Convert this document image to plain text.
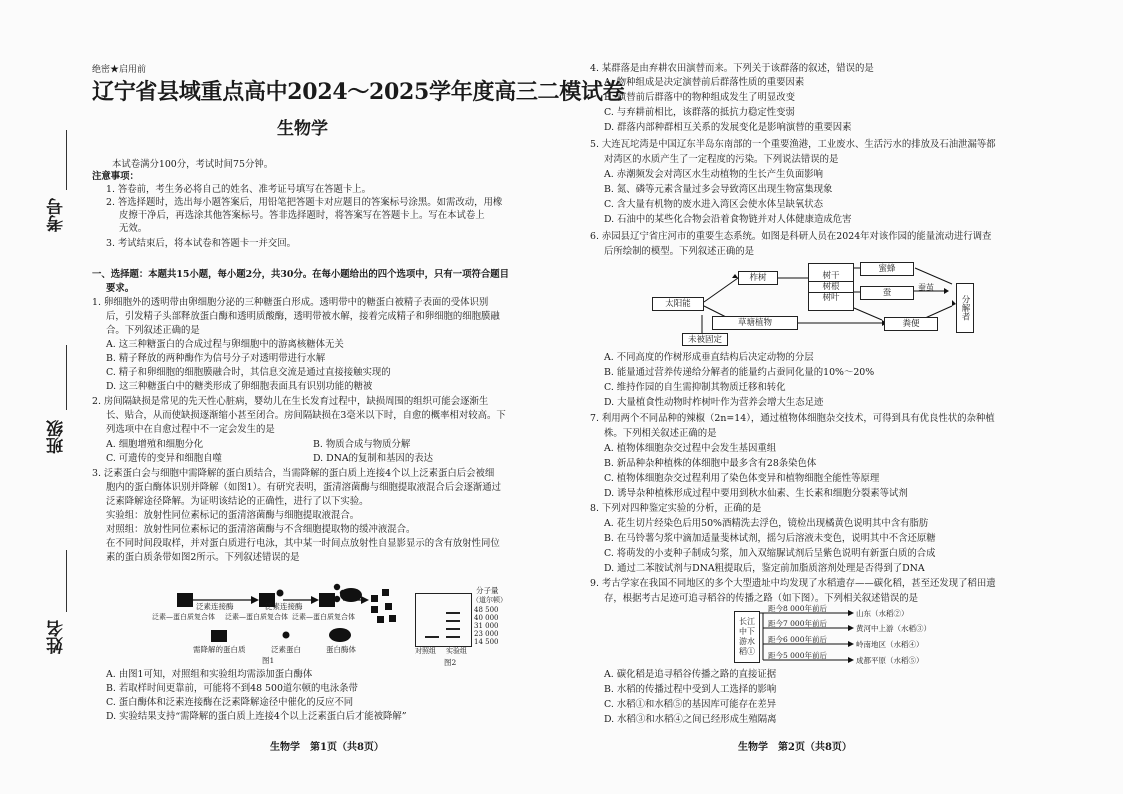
考号
班级
姓名
绝密★启用前
辽宁省县域重点高中2024～2025学年度高三二模试卷
生物学
本试卷满分100分，考试时间75分钟。
注意事项：
1. 答卷前，考生务必将自己的姓名、准考证号填写在答题卡上。
2. 答选择题时，选出每小题答案后，用铅笔把答题卡对应题目的答案标号涂黑。如需改动，用橡
皮擦干净后，再选涂其他答案标号。答非选择题时，将答案写在答题卡上。写在本试卷上
无效。
3. 考试结束后，将本试卷和答题卡一并交回。
一、选择题：本题共15小题，每小题2分，共30分。在每小题给出的四个选项中，只有一项符合题目
要求。
1. 卵细胞外的透明带由卵细胞分泌的三种糖蛋白形成。透明带中的糖蛋白被精子表面的受体识别
后，引发精子头部释放蛋白酶和透明质酸酶，透明带被水解，接着完成精子和卵细胞的细胞膜融
合。下列叙述正确的是
A. 这三种糖蛋白的合成过程与卵细胞中的游离核糖体无关
B. 精子释放的两种酶作为信号分子对透明带进行水解
C. 精子和卵细胞的细胞膜融合时，其信息交流是通过直接接触实现的
D. 这三种糖蛋白中的糖类形成了卵细胞表面具有识别功能的糖被
2. 房间隔缺损是常见的先天性心脏病，婴幼儿在生长发育过程中，缺损周围的组织可能会逐渐生
长、贴合，从而使缺损逐渐缩小甚至闭合。房间隔缺损在3毫米以下时，自愈的概率相对较高。下
列选项中在自愈过程中不一定会发生的是
A. 细胞增殖和细胞分化	B. 物质合成与物质分解
C. 可遗传的变异和细胞自噬	D. DNA的复制和基因的表达
3. 泛素蛋白会与细胞中需降解的蛋白质结合，当需降解的蛋白质上连接4个以上泛素蛋白后会被细
胞内的蛋白酶体识别并降解（如图1）。有研究表明，蛋清溶菌酶与细胞提取液混合后会逐渐通过
泛素降解途径降解。为证明该结论的正确性，进行了以下实验。
实验组：放射性同位素标记的蛋清溶菌酶与细胞提取液混合。
对照组：放射性同位素标记的蛋清溶菌酶与不含细胞提取物的缓冲液混合。
在不同时间段取样，并对蛋白质进行电泳，其中某一时间点放射性自显影显示的含有放射性同位
素的蛋白质条带如图2所示。下列叙述错误的是
泛素连接酶	泛素连接酶
泛素—蛋白质复合体 泛素—蛋白质复合体 泛素—蛋白质复合体
需降解的蛋白质	泛素蛋白	蛋白酶体
图1
分子量
（道尔顿）
48 500
40 000
31 000
23 000
14 500
对照组 实验组
图2
A. 由图1可知，对照组和实验组均需添加蛋白酶体
B. 若取样时间更靠前，可能将不到48 500道尔顿的电泳条带
C. 蛋白酶体和泛素连接酶在泛素降解途径中催化的反应不同
D. 实验结果支持“需降解的蛋白质上连接4个以上泛素蛋白后才能被降解”
生物学　第1页（共8页）
4. 某群落是由弃耕农田演替而来。下列关于该群落的叙述，错误的是
A. 物种组成是决定演替前后群落性质的重要因素
B. 演替前后群落中的物种组成发生了明显改变
C. 与弃耕前相比，该群落的抵抗力稳定性变弱
D. 群落内部种群相互关系的发展变化是影响演替的重要因素
5. 大连瓦坨湾是中国辽东半岛东南部的一个重要渔港，工业废水、生活污水的排放及石油泄漏等都
对湾区的水质产生了一定程度的污染。下列说法错误的是
A. 赤潮频发会对湾区水生动植物的生长产生负面影响
B. 氮、磷等元素含量过多会导致湾区出现生物富集现象
C. 含大量有机物的废水进入湾区会使水体呈缺氧状态
D. 石油中的某些化合物会沿着食物链并对人体健康造成危害
6. 赤园县辽宁省庄河市的重要生态系统。如图是科研人员在2024年对该作园的能量流动进行调查
后所绘制的模型。下列叙述正确的是
太阳能
柞树	树干
树根
树叶
蜜蜂
蚕
蚕茧
草塘植物	粪便
未被固定
分解者
A. 不同高度的作树形成垂直结构后决定动物的分层
B. 能量通过营养传递给分解者的能量约占蚕同化量的10%～20%
C. 维持作园的自生需抑制其物质迁移和转化
D. 大量植食性动物时柞树叶作为营养会增大生态足迹
7. 利用两个不同品种的辣椒（2n=14），通过植物体细胞杂交技术，可得到具有优良性状的杂种植
株。下列相关叙述正确的是
A. 植物体细胞杂交过程中会发生基因重组
B. 新品种杂种植株的体细胞中最多含有28条染色体
C. 植物体细胞杂交过程利用了染色体变异和植物细胞全能性等原理
D. 诱导杂种植株形成过程中要用到秋水仙素、生长素和细胞分裂素等试剂
8. 下列对四种鉴定实验的分析，正确的是
A. 花生切片经染色后用50%酒精洗去浮色，镜检出现橘黄色说明其中含有脂肪
B. 在马铃薯匀浆中滴加适量斐林试剂，摇匀后溶液未变色，说明其中不含还原糖
C. 将萌发的小麦种子制成匀浆，加入双缩脲试剂后呈紫色说明有新蛋白质的合成
D. 通过二苯胺试剂与DNA粗提取后，鉴定前加脂质溶剂处理是否得到了DNA
9. 考古学家在我国不同地区的多个大型遗址中均发现了水稻遗存——碳化稻，甚至还发现了稻田遗
存，根据考古足迹可追寻稻谷的传播之路（如下图）。下列相关叙述错误的是
长江中下游水稻①
距今8 000年前后
距今7 000年前后
距今6 000年前后
距今5 000年前后
山东（水稻②）
黄河中上游（水稻③）
岭南地区（水稻④）
成都平原（水稻⑤）
A. 碳化稻是追寻稻谷传播之路的直接证据
B. 水稻的传播过程中受到人工选择的影响
C. 水稻①和水稻⑤的基因库可能存在差异
D. 水稻③和水稻④之间已经形成生殖隔离
生物学　第2页（共8页）
